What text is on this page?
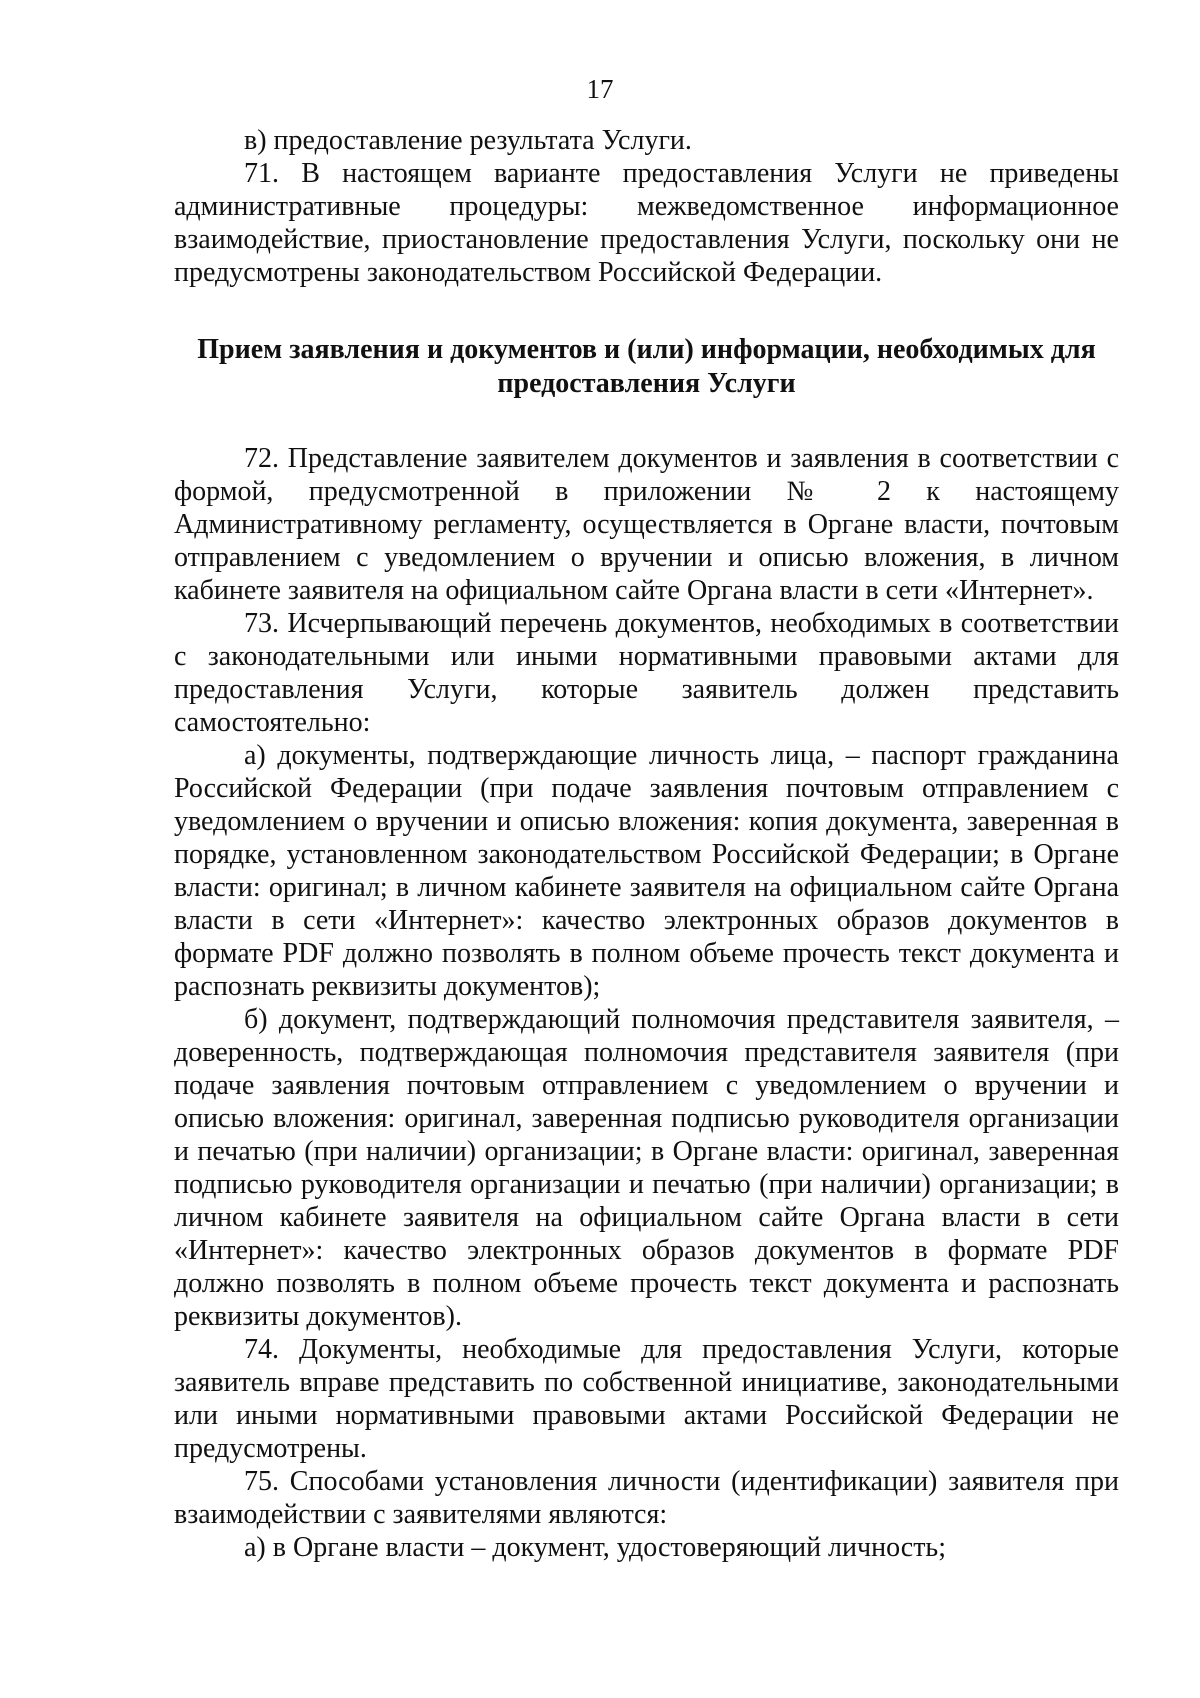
17

в) предоставление результата Услуги.

71. В настоящем варианте предоставления Услуги не приведены административные процедуры: межведомственное информационное взаимодействие, приостановление предоставления Услуги, поскольку они не предусмотрены законодательством Российской Федерации.

Прием заявления и документов и (или) информации, необходимых для предоставления Услуги

72. Представление заявителем документов и заявления в соответствии с формой, предусмотренной в приложении № 2 к настоящему Административному регламенту, осуществляется в Органе власти, почтовым отправлением с уведомлением о вручении и описью вложения, в личном кабинете заявителя на официальном сайте Органа власти в сети «Интернет».

73. Исчерпывающий перечень документов, необходимых в соответствии с законодательными или иными нормативными правовыми актами для предоставления Услуги, которые заявитель должен представить самостоятельно:

а) документы, подтверждающие личность лица, – паспорт гражданина Российской Федерации (при подаче заявления почтовым отправлением с уведомлением о вручении и описью вложения: копия документа, заверенная в порядке, установленном законодательством Российской Федерации; в Органе власти: оригинал; в личном кабинете заявителя на официальном сайте Органа власти в сети «Интернет»: качество электронных образов документов в формате PDF должно позволять в полном объеме прочесть текст документа и распознать реквизиты документов);

б) документ, подтверждающий полномочия представителя заявителя, – доверенность, подтверждающая полномочия представителя заявителя (при подаче заявления почтовым отправлением с уведомлением о вручении и описью вложения: оригинал, заверенная подписью руководителя организации и печатью (при наличии) организации; в Органе власти: оригинал, заверенная подписью руководителя организации и печатью (при наличии) организации; в личном кабинете заявителя на официальном сайте Органа власти в сети «Интернет»: качество электронных образов документов в формате PDF должно позволять в полном объеме прочесть текст документа и распознать реквизиты документов).

74. Документы, необходимые для предоставления Услуги, которые заявитель вправе представить по собственной инициативе, законодательными или иными нормативными правовыми актами Российской Федерации не предусмотрены.

75. Способами установления личности (идентификации) заявителя при взаимодействии с заявителями являются:

а) в Органе власти – документ, удостоверяющий личность;
